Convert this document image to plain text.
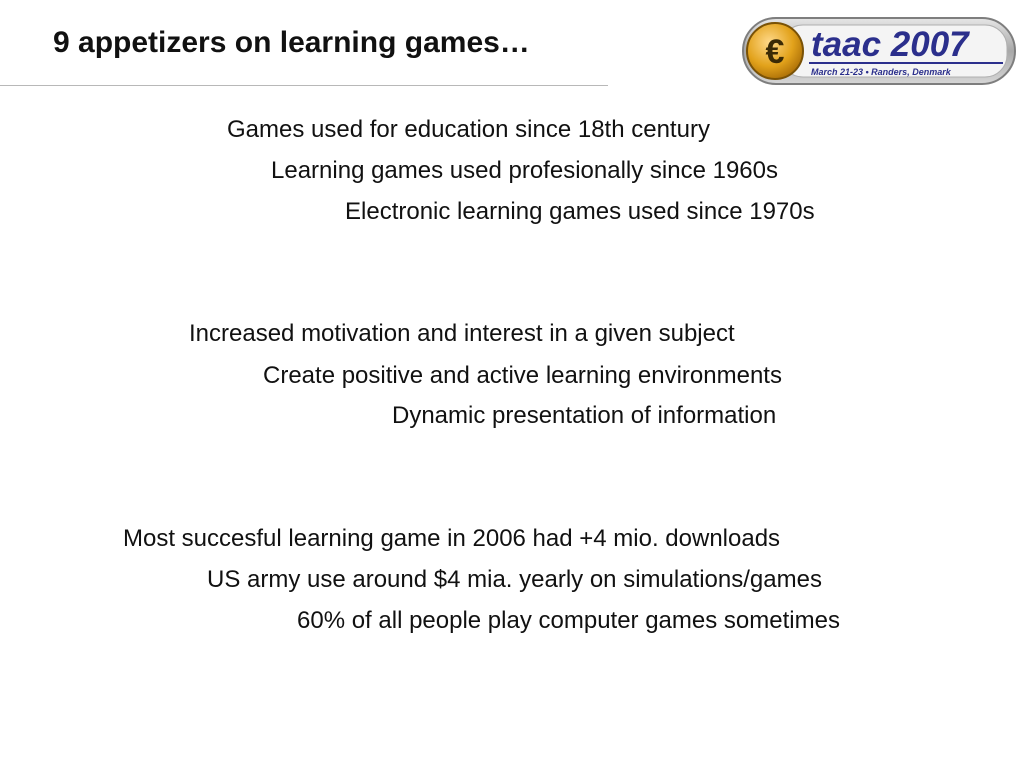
9 appetizers on learning games…	€ taac 2007
March 21-23 • Randers, Denmark
Games used for education since 18th century
Learning games used profesionally since 1960s
Electronic learning games used since 1970s
Increased motivation and interest in a given subject
Create positive and active learning environments
Dynamic presentation of information
Most succesful learning game in 2006 had +4 mio. downloads
US army use around $4 mia. yearly on simulations/games
60% of all people play computer games sometimes
